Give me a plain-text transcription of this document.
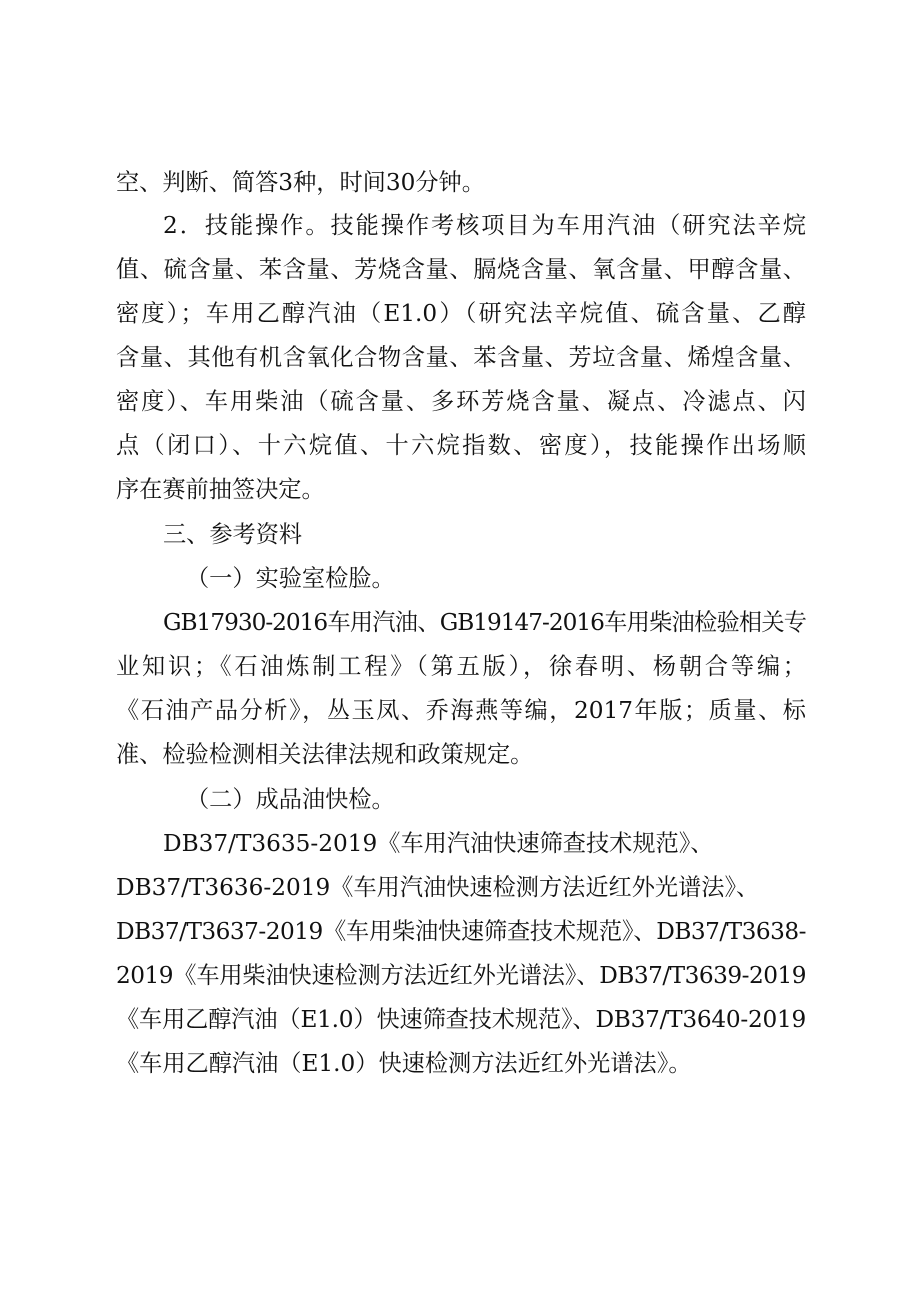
空、判断、简答3种，时间30分钟。
2．技能操作。技能操作考核项目为车用汽油（研究法辛烷
值、硫含量、苯含量、芳烧含量、膈烧含量、氧含量、甲醇含量、
密度）；车用乙醇汽油（E1.0）（研究法辛烷值、硫含量、乙醇
含量、其他有机含氧化合物含量、苯含量、芳垃含量、烯煌含量、
密度）、车用柴油（硫含量、多环芳烧含量、凝点、冷滤点、闪
点（闭口）、十六烷值、十六烷指数、密度），技能操作出场顺
序在赛前抽签决定。
三、参考资料
（一）实验室检脸。
GB17930-2016车用汽油、GB19147-2016车用柴油检验相关专
业知识；《石油炼制工程》（第五版），徐春明、杨朝合等编；
《石油产品分析》，丛玉凤、乔海燕等编，2017年版；质量、标
准、检验检测相关法律法规和政策规定。
（二）成品油快检。
DB37/T3635-2019《车用汽油快速筛查技术规范》、
DB37/T3636-2019《车用汽油快速检测方法近红外光谱法》、
DB37/T3637-2019《车用柴油快速筛查技术规范》、DB37/T3638-
2019《车用柴油快速检测方法近红外光谱法》、DB37/T3639-2019
《车用乙醇汽油（E1.0）快速筛查技术规范》、DB37/T3640-2019
《车用乙醇汽油（E1.0）快速检测方法近红外光谱法》。
